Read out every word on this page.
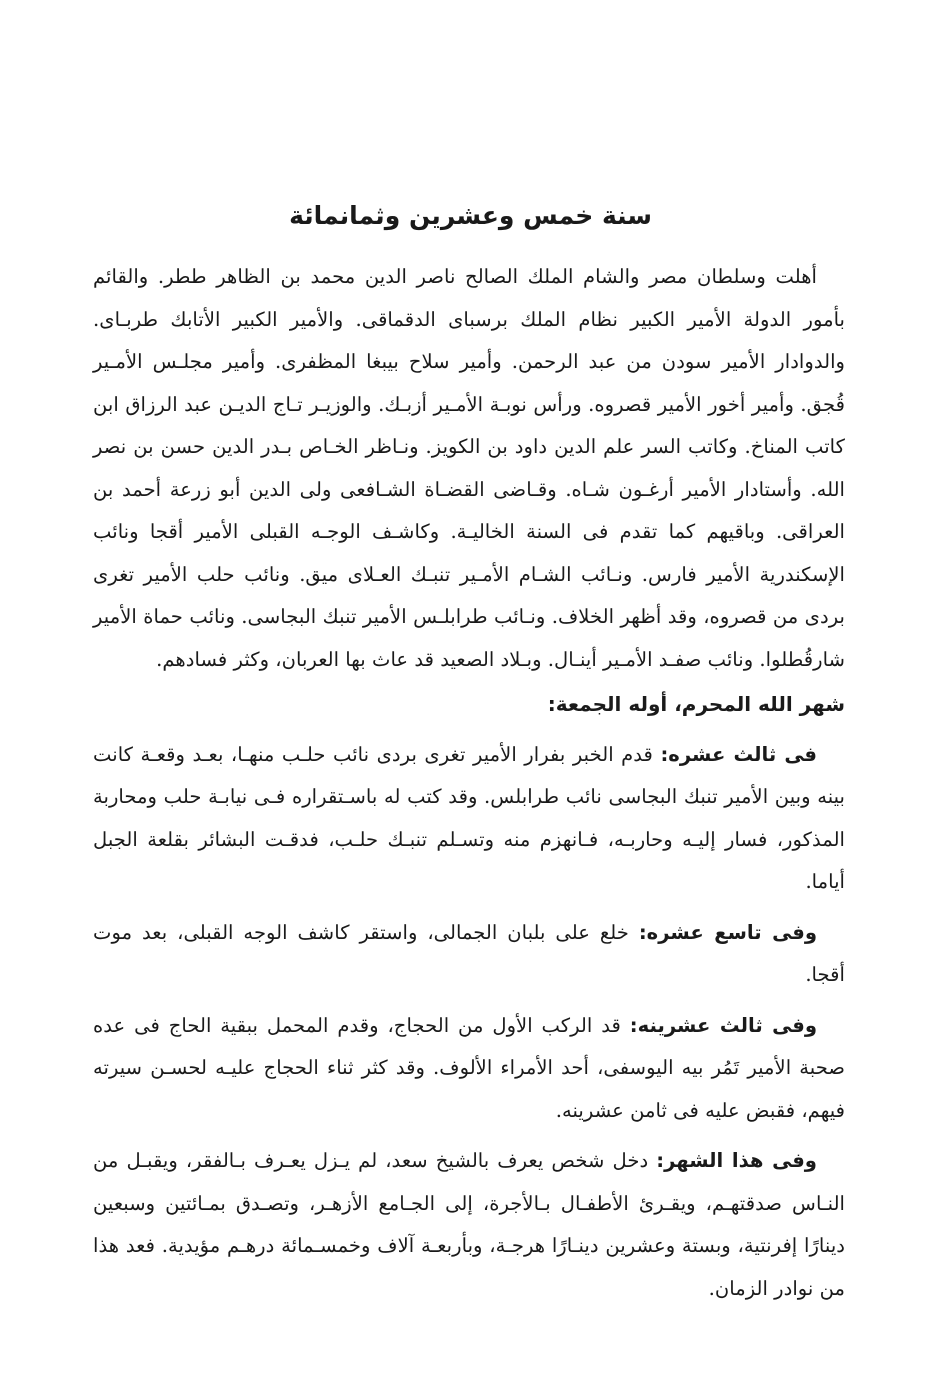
سنة خمس وعشرين وثمانمائة

أهلت وسلطان مصر والشام الملك الصالح ناصر الدين محمد بن الظاهر ططر. والقائم بأمور الدولة الأمير الكبير نظام الملك برسباى الدقماقى. والأمير الكبير الأتابك طربـاى. والدوادار الأمير سودن من عبد الرحمن. وأمير سلاح بيبغا المظفرى. وأمير مجلـس الأمـير قُجق. وأمير أخور الأمير قصروه. ورأس نوبـة الأمـير أزبـك. والوزيـر تـاج الديـن عبد الرزاق ابن كاتب المناخ. وكاتب السر علم الدين داود بن الكويز. ونـاظر الخـاص بـدر الدين حسن بن نصر الله. وأستادار الأمير أرغـون شـاه. وقـاضى القضـاة الشـافعى ولى الدين أبو زرعة أحمد بن العراقى. وباقيهم كما تقدم فى السنة الخاليـة. وكاشـف الوجـه القبلى الأمير أقجا ونائب الإسكندرية الأمير فارس. ونـائب الشـام الأمـير تنبـك العـلاى ميق. ونائب حلب الأمير تغرى بردى من قصروه، وقد أظهر الخلاف. ونـائب طرابلـس الأمير تنبك البجاسى. ونائب حماة الأمير شارقُطلوا. ونائب صفـد الأمـير أينـال. وبـلاد الصعيد قد عاث بها العربان، وكثر فسادهم.

شهر الله المحرم، أوله الجمعة:

فى ثالث عشره: قدم الخبر بفرار الأمير تغرى بردى نائب حلـب منهـا، بعـد وقعـة كانت بينه وبين الأمير تنبك البجاسى نائب طرابلس. وقد كتب له باسـتقراره فـى نيابـة حلب ومحاربة المذكور، فسار إليـه وحاربـه، فـانهزم منه وتسـلم تنبـك حلـب، فدقـت البشائر بقلعة الجبل أياما.

وفى تاسع عشره: خلع على بلبان الجمالى، واستقر كاشف الوجه القبلى، بعد موت أقجا.

وفى ثالث عشرينه: قد الركب الأول من الحجاج، وقدم المحمل ببقية الحاج فى عده صحبة الأمير تَمُر بيه اليوسفى، أحد الأمراء الألوف. وقد كثر ثناء الحجاج عليـه لحسـن سيرته فيهم، فقبض عليه فى ثامن عشرينه.

وفى هذا الشهر: دخل شخص يعرف بالشيخ سعد، لم يـزل يعـرف بـالفقر، ويقبـل من النـاس صدقتهـم، ويقـرئ الأطفـال بـالأجرة، إلى الجـامع الأزهـر، وتصـدق بمـائتين وسبعين دينارًا إفرنتية، وبستة وعشرين دينـارًا هرجـة، وبأربعـة آلاف وخمسـمائة درهـم مؤيدية. فعد هذا من نوادر الزمان.
